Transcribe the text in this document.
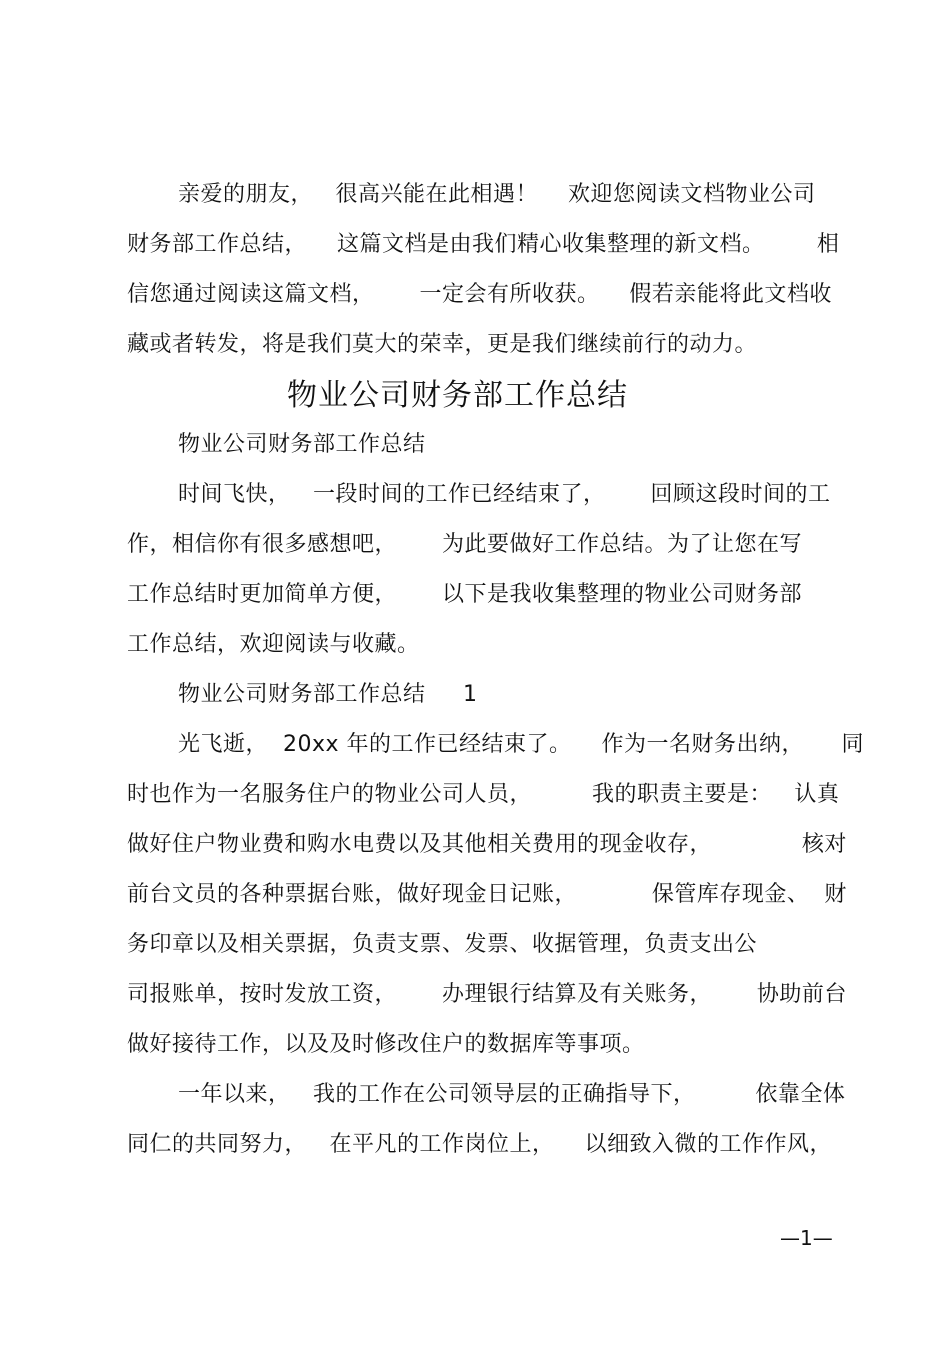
亲爱的朋友，   很高兴能在此相遇！    欢迎您阅读文档物业公司
财务部工作总结，    这篇文档是由我们精心收集整理的新文档。       相
信您通过阅读这篇文档，      一定会有所收获。    假若亲能将此文档收
藏或者转发，将是我们莫大的荣幸，更是我们继续前行的动力。
物业公司财务部工作总结
物业公司财务部工作总结
时间飞快，   一段时间的工作已经结束了，      回顾这段时间的工
作，相信你有很多感想吧，      为此要做好工作总结。为了让您在写
工作总结时更加简单方便，      以下是我收集整理的物业公司财务部
工作总结，欢迎阅读与收藏。
物业公司财务部工作总结     1
光飞逝，  20xx 年的工作已经结束了。    作为一名财务出纳，     同
时也作为一名服务住户的物业公司人员，        我的职责主要是：   认真
做好住户物业费和购水电费以及其他相关费用的现金收存，            核对
前台文员的各种票据台账，做好现金日记账，          保管库存现金、  财
务印章以及相关票据，负责支票、发票、收据管理，负责支出公
司报账单，按时发放工资，      办理银行结算及有关账务，      协助前台
做好接待工作，以及及时修改住户的数据库等事项。
一年以来，   我的工作在公司领导层的正确指导下，        依靠全体
同仁的共同努力，   在平凡的工作岗位上，    以细致入微的工作作风，
—1—
